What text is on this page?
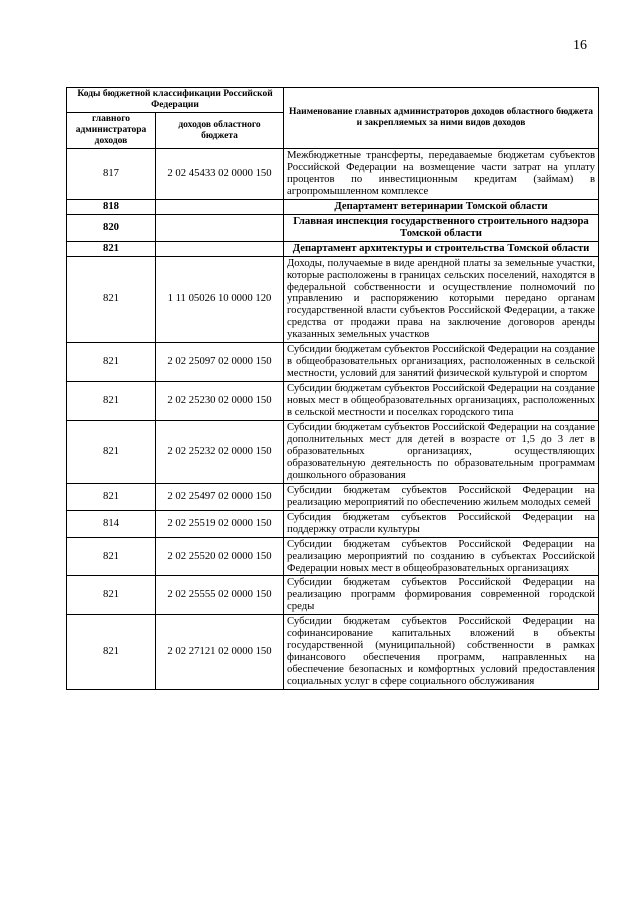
16
Коды бюджетной классификации Российской Федерации		Наименование главных администраторов доходов областного бюджета и закрепляемых за ними видов доходов
главного администратора доходов	доходов областного бюджета	
817	2 02 45433 02 0000 150	Межбюджетные трансферты, передаваемые бюджетам субъектов Российской Федерации на возмещение части затрат на уплату процентов по инвестиционным кредитам (займам) в агропромышленном комплексе
818		Департамент ветеринарии Томской области
820		Главная инспекция государственного строительного надзора Томской области
821		Департамент архитектуры и строительства Томской области
821	1 11 05026 10 0000 120	Доходы, получаемые в виде арендной платы за земельные участки, которые расположены в границах сельских поселений, находятся в федеральной собственности и осуществление полномочий по управлению и распоряжению которыми передано органам государственной власти субъектов Российской Федерации, а также средства от продажи права на заключение договоров аренды указанных земельных участков
821	2 02 25097 02 0000 150	Субсидии бюджетам субъектов Российской Федерации на создание в общеобразовательных организациях, расположенных в сельской местности, условий для занятий физической культурой и спортом
821	2 02 25230 02 0000 150	Субсидии бюджетам субъектов Российской Федерации на создание новых мест в общеобразовательных организациях, расположенных в сельской местности и поселках городского типа
821	2 02 25232 02 0000 150	Субсидии бюджетам субъектов Российской Федерации на создание дополнительных мест для детей в возрасте от 1,5 до 3 лет в образовательных организациях, осуществляющих образовательную деятельность по образовательным программам дошкольного образования
821	2 02 25497 02 0000 150	Субсидии бюджетам субъектов Российской Федерации на реализацию мероприятий по обеспечению жильем молодых семей
814	2 02 25519 02 0000 150	Субсидия бюджетам субъектов Российской Федерации на поддержку отрасли культуры
821	2 02 25520 02 0000 150	Субсидии бюджетам субъектов Российской Федерации на реализацию мероприятий по созданию в субъектах Российской Федерации новых мест в общеобразовательных организациях
821	2 02 25555 02 0000 150	Субсидии бюджетам субъектов Российской Федерации на реализацию программ формирования современной городской среды
821	2 02 27121 02 0000 150	Субсидии бюджетам субъектов Российской Федерации на софинансирование капитальных вложений в объекты государственной (муниципальной) собственности в рамках финансового обеспечения программ, направленных на обеспечение безопасных и комфортных условий предоставления социальных услуг в сфере социального обслуживания
